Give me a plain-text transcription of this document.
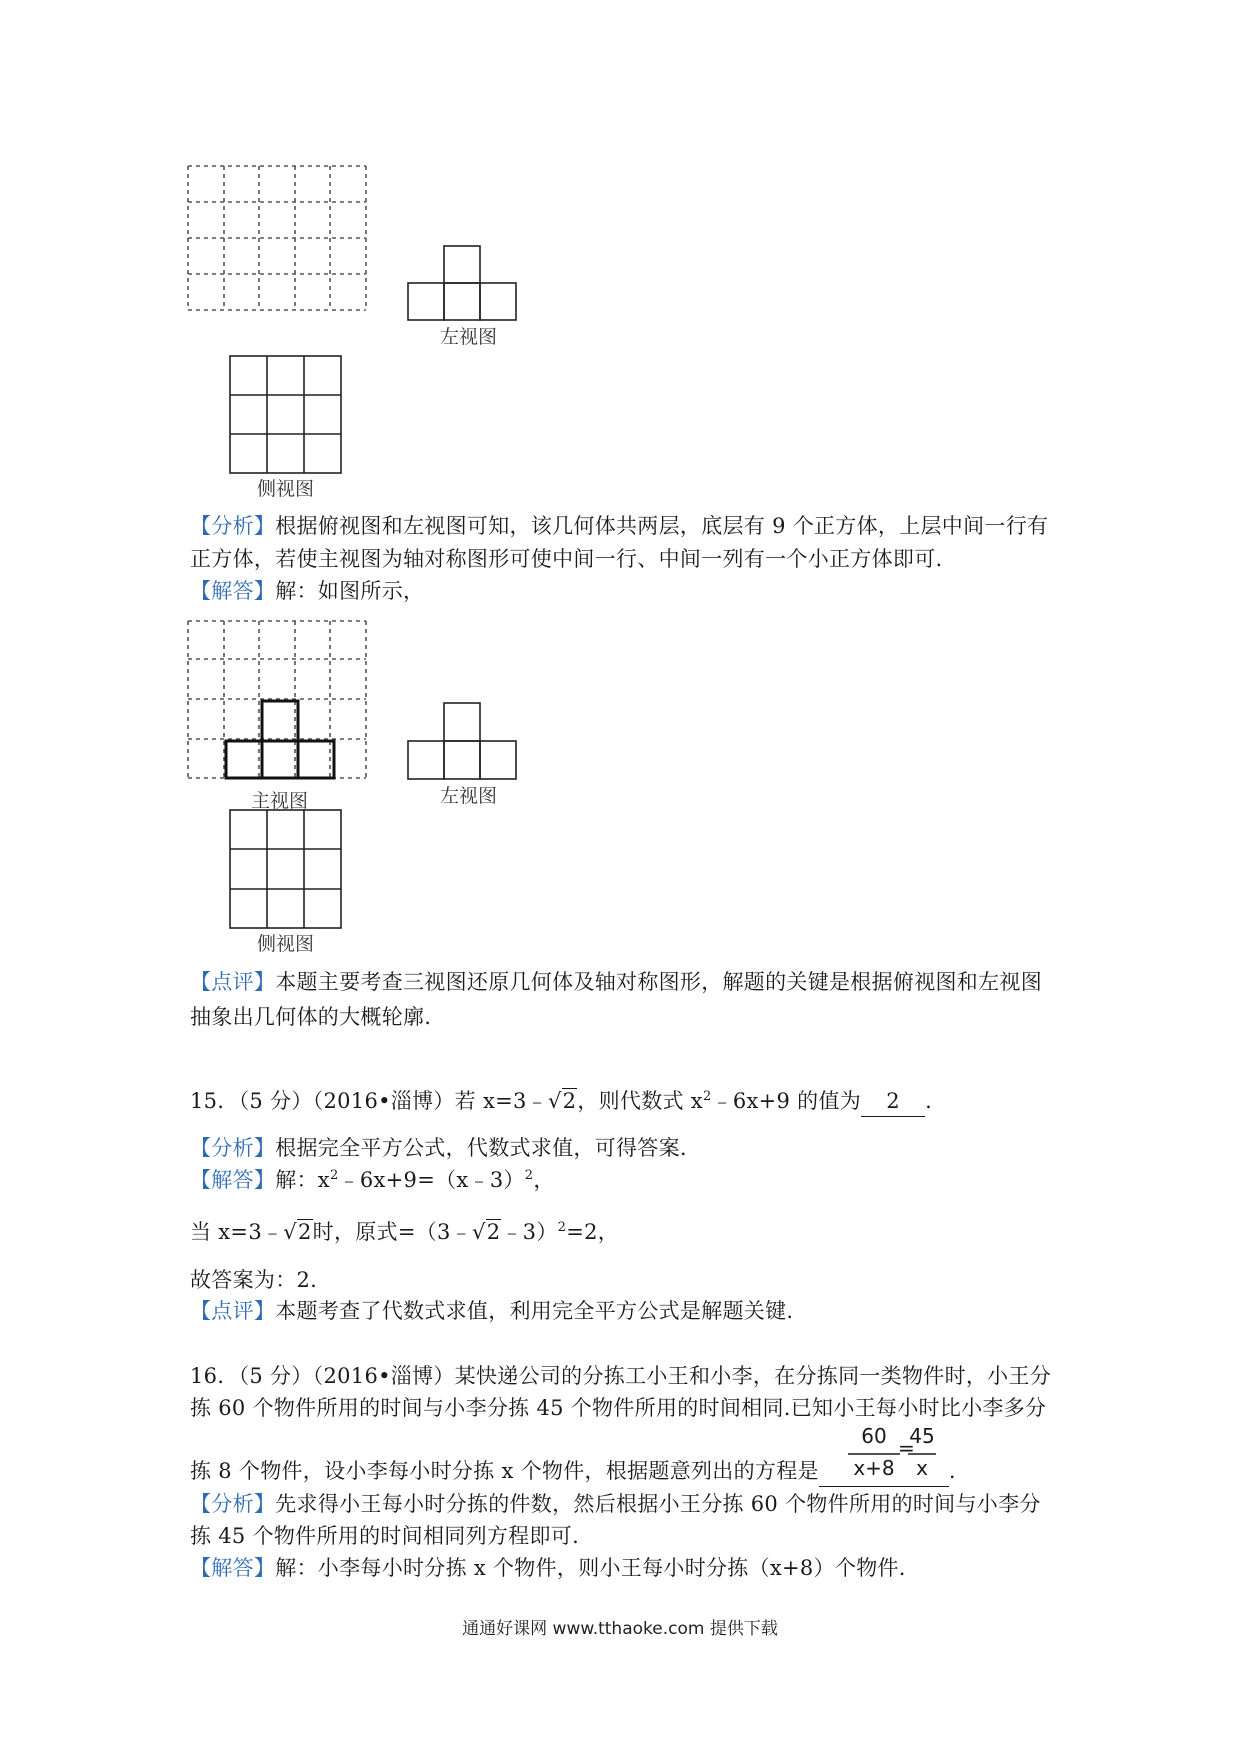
左视图
侧视图
主视图	左视图
侧视图
【分析】根据俯视图和左视图可知，该几何体共两层，底层有 9 个正方体，上层中间一行有
正方体，若使主视图为轴对称图形可使中间一行、中间一列有一个小正方体即可.
【解答】解：如图所示，
【点评】本题主要考查三视图还原几何体及轴对称图形，解题的关键是根据俯视图和左视图
抽象出几何体的大概轮廓.
15．（5 分）（2016•淄博）若 x=3﹣√2，则代数式 $x^2﹣6x+9$ 的值为 2 .
【分析】根据完全平方公式，代数式求值，可得答案.
【解答】解：$x^2﹣6x+9=(x﹣3)^2$，
当 x=3﹣√2时，原式=（3﹣√2﹣3）$^2$=2，
故答案为：2.
【点评】本题考查了代数式求值，利用完全平方公式是解题关键.
16．（5 分）（2016•淄博）某快递公司的分拣工小王和小李，在分拣同一类物件时，小王分
拣 60 个物件所用的时间与小李分拣 45 个物件所用的时间相同.已知小王每小时比小李多分
拣 8 个物件，设小李每小时分拣 x 个物件，根据题意列出的方程是	.
60
x+8
=
45
x
【分析】先求得小王每小时分拣的件数，然后根据小王分拣 60 个物件所用的时间与小李分
拣 45 个物件所用的时间相同列方程即可.
【解答】解：小李每小时分拣 x 个物件，则小王每小时分拣（x+8）个物件.
通通好课网 www.tthaoke.com 提供下载
